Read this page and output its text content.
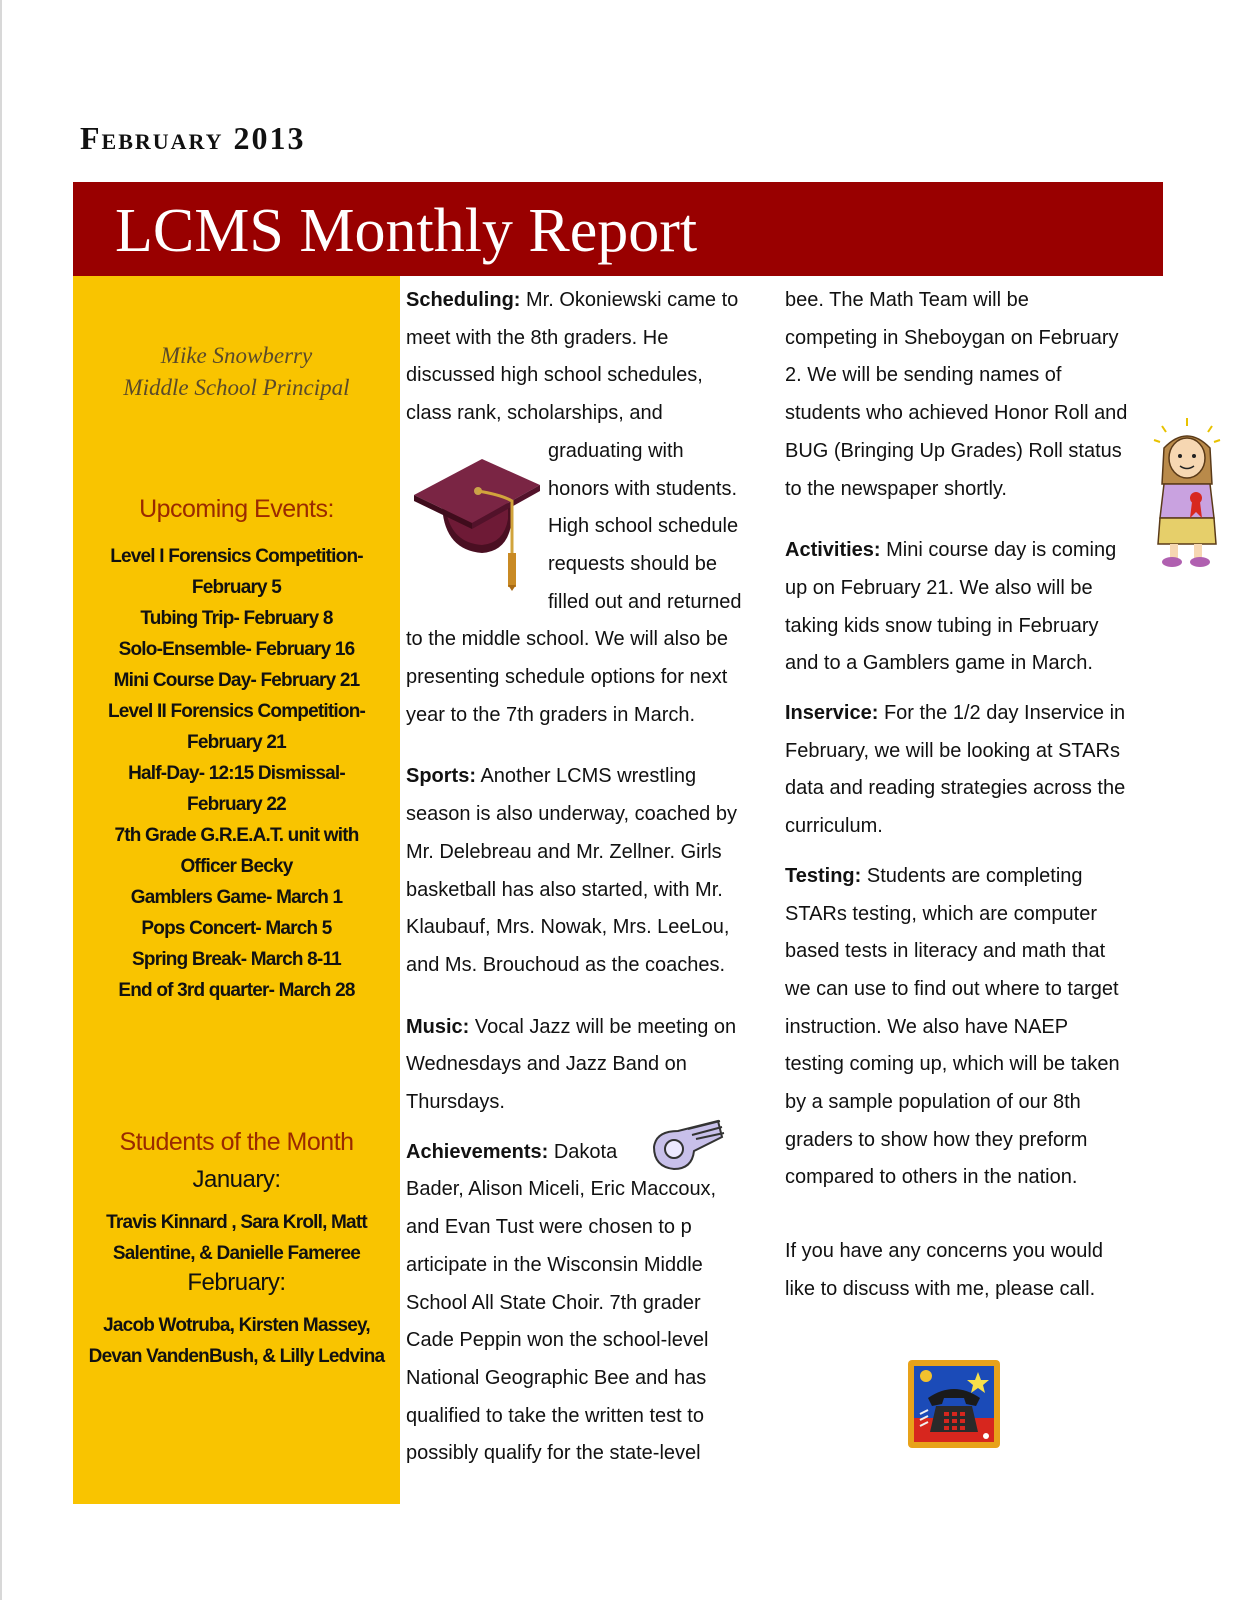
February 2013
LCMS Monthly Report
Mike Snowberry
Middle School Principal
Upcoming Events:
Level I Forensics Competition-
February 5
Tubing Trip- February 8
Solo-Ensemble- February 16
Mini Course Day- February 21
Level II Forensics Competition-
February 21
Half-Day- 12:15 Dismissal-
February 22
7th Grade G.R.E.A.T. unit with
Officer Becky
Gamblers Game- March 1
Pops Concert- March 5
Spring Break- March 8-11
End of 3rd quarter- March 28
Students of the Month
January:
Travis Kinnard , Sara Kroll, Matt
Salentine, & Danielle Fameree
February:
Jacob Wotruba, Kirsten Massey,
Devan VandenBush, & Lilly Ledvina

Scheduling: Mr. Okoniewski came to

meet with the 8th graders. He

discussed high school schedules,

class rank, scholarships, and

graduating with

honors with students.

High school schedule

requests should be

filled out and returned

to the middle school. We will also be

presenting schedule options for next

year to the 7th graders in March.

Sports: Another LCMS wrestling

season is also underway, coached by

Mr. Delebreau and Mr. Zellner. Girls

basketball has also started, with Mr.

Klaubauf, Mrs. Nowak, Mrs. LeeLou,

and Ms. Brouchoud as the coaches.

Music: Vocal Jazz will be meeting on

Wednesdays and Jazz Band on

Thursdays.

Achievements: Dakota

Bader, Alison Miceli, Eric Maccoux,

and Evan Tust were chosen to p

articipate in the Wisconsin Middle

School All State Choir. 7th grader

Cade Peppin won the school-level

National Geographic Bee and has

qualified to take the written test to

possibly qualify for the state-level

bee. The Math Team will be

competing in Sheboygan on February

2. We will be sending names of

students who achieved Honor Roll and

BUG (Bringing Up Grades) Roll status

to the newspaper shortly.

Activities: Mini course day is coming

up on February 21. We also will be

taking kids snow tubing in February

and to a Gamblers game in March.

Inservice: For the 1/2 day Inservice in

February, we will be looking at STARs

data and reading strategies across the

curriculum.

Testing: Students are completing

STARs testing, which are computer

based tests in literacy and math that

we can use to find out where to target

instruction. We also have NAEP

testing coming up, which will be taken

by a sample population of our 8th

graders to show how they preform

compared to others in the nation.

If you have any concerns you would

like to discuss with me, please call.
